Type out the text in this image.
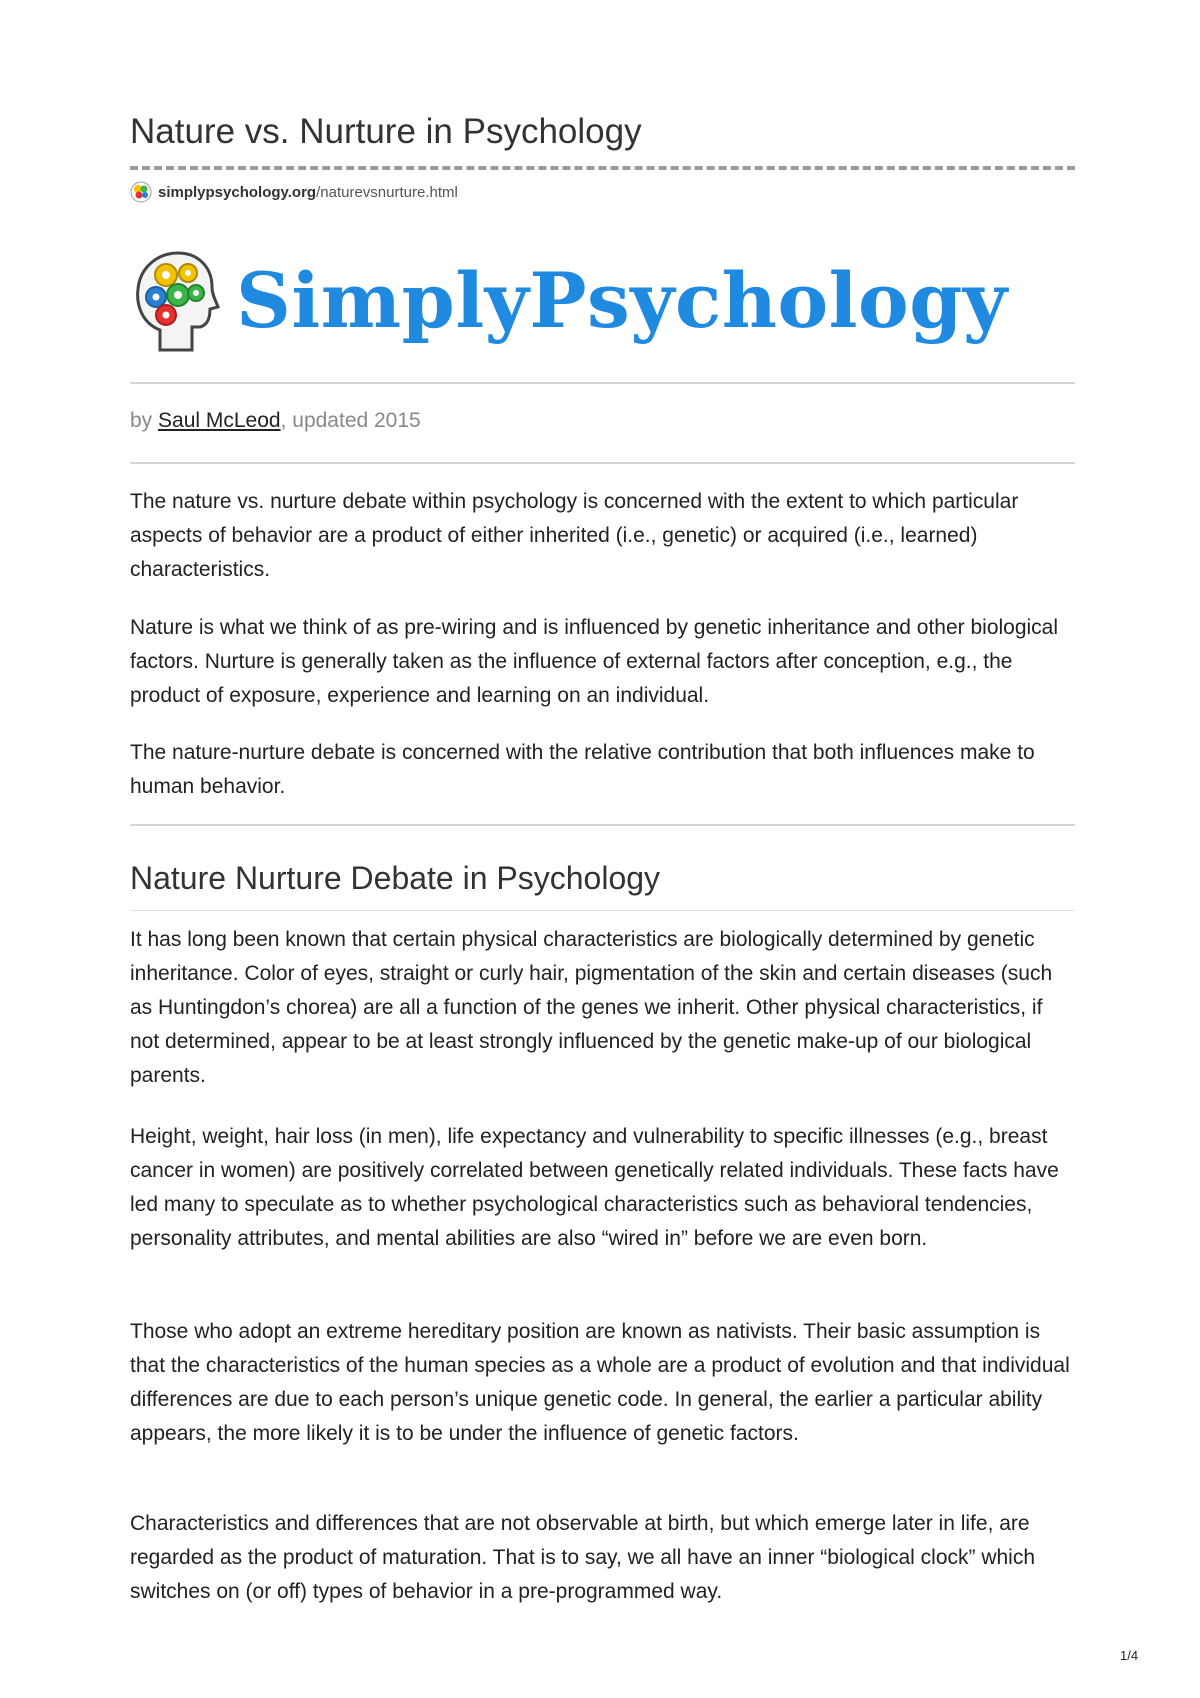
Nature vs. Nurture in Psychology
simplypsychology.org /naturevsnurture.html
SimplyPsychology
by Saul McLeod, updated 2015

The nature vs. nurture debate within psychology is concerned with the extent to which particular aspects of behavior are a product of either inherited (i.e., genetic) or acquired (i.e., learned) characteristics.

Nature is what we think of as pre-wiring and is influenced by genetic inheritance and other biological factors. Nurture is generally taken as the influence of external factors after conception, e.g., the product of exposure, experience and learning on an individual.

The nature-nurture debate is concerned with the relative contribution that both influences make to human behavior.

Nature Nurture Debate in Psychology

It has long been known that certain physical characteristics are biologically determined by genetic inheritance. Color of eyes, straight or curly hair, pigmentation of the skin and certain diseases (such as Huntingdon’s chorea) are all a function of the genes we inherit. Other physical characteristics, if not determined, appear to be at least strongly influenced by the genetic make-up of our biological parents.

Height, weight, hair loss (in men), life expectancy and vulnerability to specific illnesses (e.g., breast cancer in women) are positively correlated between genetically related individuals. These facts have led many to speculate as to whether psychological characteristics such as behavioral tendencies, personality attributes, and mental abilities are also “wired in” before we are even born.

Those who adopt an extreme hereditary position are known as nativists. Their basic assumption is that the characteristics of the human species as a whole are a product of evolution and that individual differences are due to each person’s unique genetic code. In general, the earlier a particular ability appears, the more likely it is to be under the influence of genetic factors.

Characteristics and differences that are not observable at birth, but which emerge later in life, are regarded as the product of maturation. That is to say, we all have an inner “biological clock” which switches on (or off) types of behavior in a pre-programmed way.

1/4
